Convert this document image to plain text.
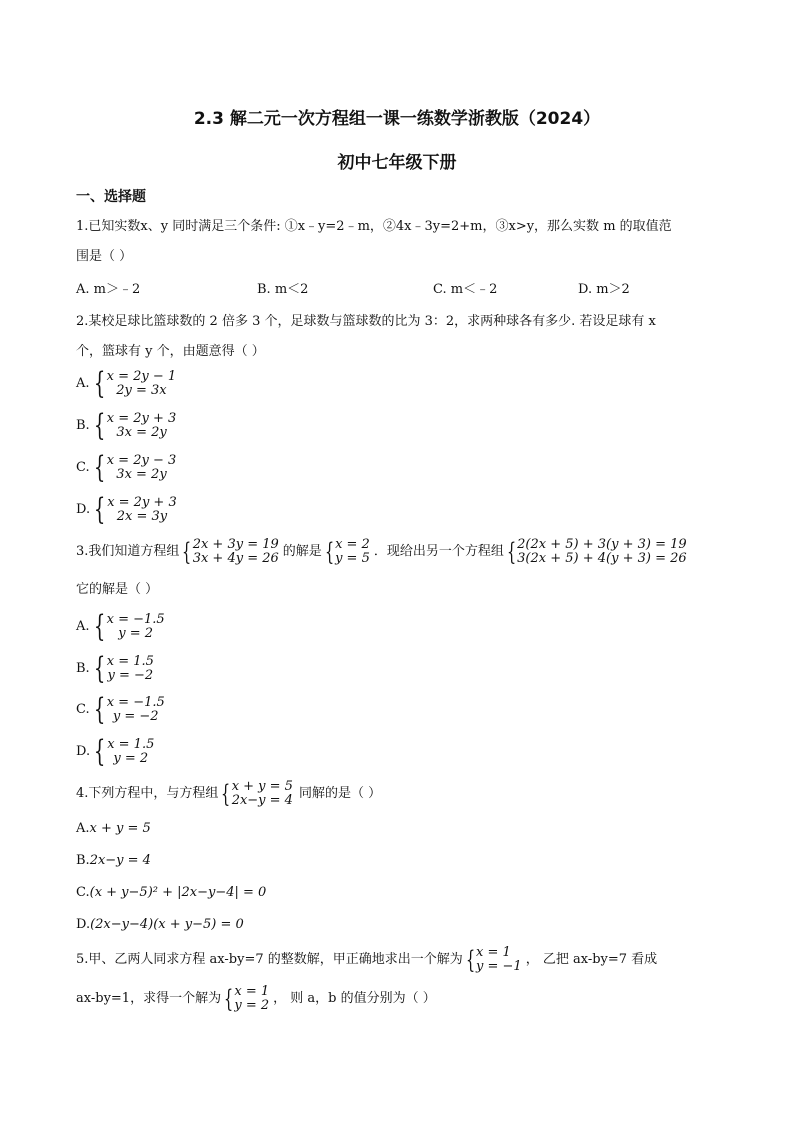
2.3 解二元一次方程组一课一练数学浙教版（2024）
初中七年级下册
一、选择题
1.已知实数x、y 同时满足三个条件: ①x﹣y=2﹣m，②4x﹣3y=2+m，③x>y，那么实数 m 的取值范
围是（ ）
A. m＞﹣2	B. m＜2	C. m＜﹣2	D. m＞2
2.某校足球比篮球数的 2 倍多 3 个，足球数与篮球数的比为 3：2，求两种球各有多少. 若设足球有 x
个，篮球有 y 个，由题意得（ ）
A. { x = 2y − 1
2y = 3x
B. { x = 2y + 3
3x = 2y
C. { x = 2y − 3
3x = 2y
D. { x = 2y + 3
2x = 3y
3.我们知道方程组 { 2x + 3y = 19
3x + 4y = 26 的解是 { x = 2
y = 5 ．现给出另一个方程组 { 2(2x + 5) + 3(y + 3) = 19
3(2x + 5) + 4(y + 3) = 26
它的解是（ ）
A. { x = −1.5
y = 2
B. { x = 1.5
y = −2
C. { x = −1.5
y = −2
D. { x = 1.5
y = 2
4.下列方程中，与方程组 { x + y = 5
2x−y = 4 同解的是（ ）
A.x + y = 5
B.2x−y = 4
C.(x + y−5)² + |2x−y−4| = 0
D.(2x−y−4)(x + y−5) = 0
5.甲、乙两人同求方程 ax-by=7 的整数解，甲正确地求出一个解为 { x = 1
y = −1 ， 乙把 ax-by=7 看成
ax-by=1，求得一个解为 { x = 1
y = 2 ， 则 a，b 的值分别为（ ）
